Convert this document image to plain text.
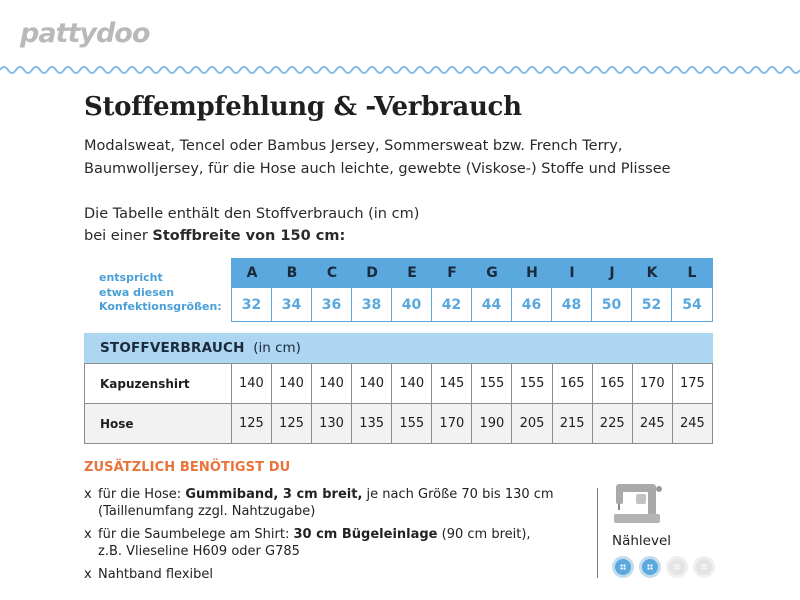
pattydoo
Stoffempfehlung & -Verbrauch

Modalsweat, Tencel oder Bambus Jersey, Sommersweat bzw. French Terry,

Baumwolljersey, für die Hose auch leichte, gewebte (Viskose-) Stoffe und Plissee

Die Tabelle enthält den Stoffverbrauch (in cm)

bei einer Stoffbreite von 150 cm:

entspricht
etwa diesen
Konfektionsgrößen:
A	B	C	D	E	F	G	H	I	J	K	L
32	34	36	38	40	42	44	46	48	50	52	54
STOFFVERBRAUCH (in cm)
Kapuzenshirt	140	140	140	140	140	145	155	155	165	165	170	175
Hose	125	125	130	135	155	170	190	205	215	225	245	245
ZUSÄTZLICH BENÖTIGST DU
x für die Hose: Gummiband, 3 cm breit, je nach Größe 70 bis 130 cm
(Taillenumfang zzgl. Nahtzugabe)
x für die Saumbelege am Shirt: 30 cm Bügeleinlage (90 cm breit),
z.B. Vlieseline H609 oder G785
x Nahtband flexibel
Nählevel
